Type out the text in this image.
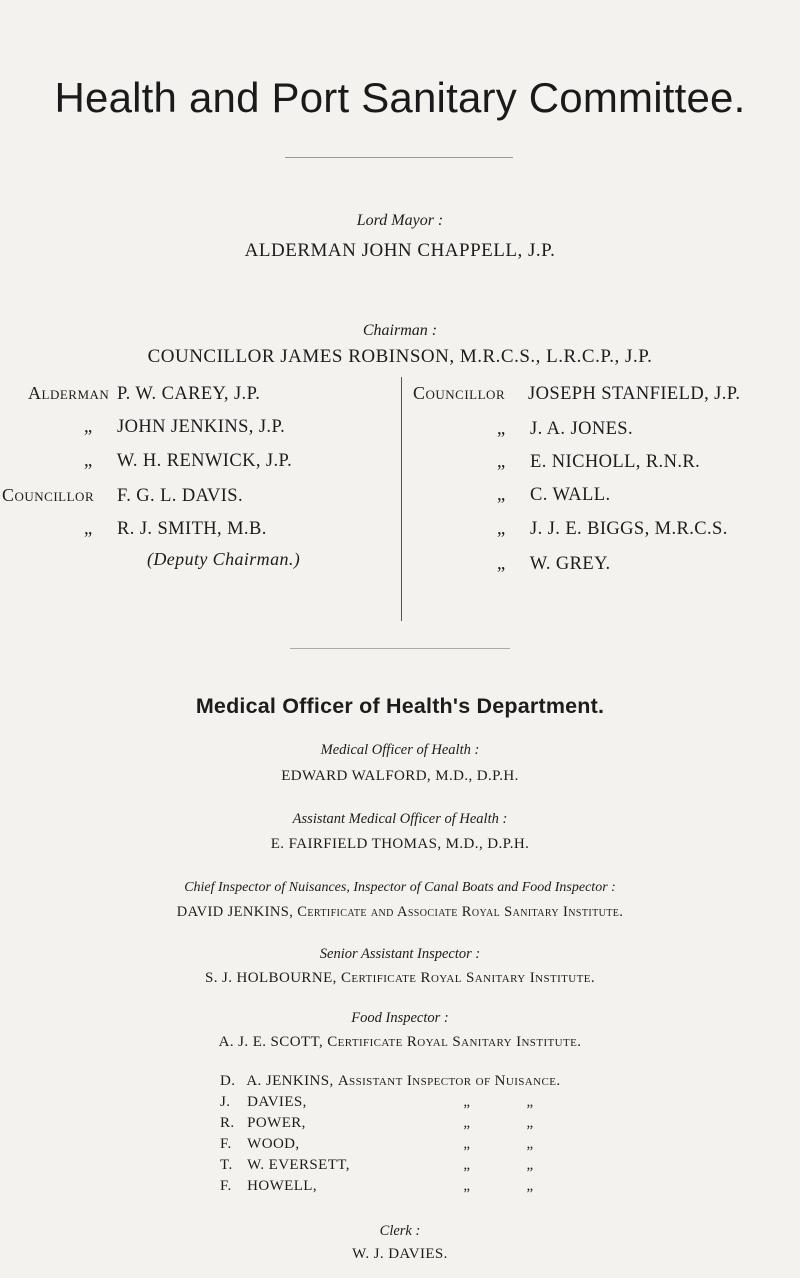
Health and Port Sanitary Committee.
Lord Mayor :
ALDERMAN JOHN CHAPPELL, J.P.
Chairman :
COUNCILLOR JAMES ROBINSON, M.R.C.S., L.R.C.P., J.P.
Alderman P. W. CAREY, J.P.
„ JOHN JENKINS, J.P.
„ W. H. RENWICK, J.P.
Councillor F. G. L. DAVIS.
„ R. J. SMITH, M.B.
(Deputy Chairman.)
Councillor JOSEPH STANFIELD, J.P.
„ J. A. JONES.
„ E. NICHOLL, R.N.R.
„ C. WALL.
„ J. J. E. BIGGS, M.R.C.S.
„ W. GREY.
Medical Officer of Health's Department.
Medical Officer of Health :
EDWARD WALFORD, M.D., D.P.H.
Assistant Medical Officer of Health :
E. FAIRFIELD THOMAS, M.D., D.P.H.
Chief Inspector of Nuisances, Inspector of Canal Boats and Food Inspector :
DAVID JENKINS, Certificate and Associate Royal Sanitary Institute.
Senior Assistant Inspector :
S. J. HOLBOURNE, Certificate Royal Sanitary Institute.
Food Inspector :
A. J. E. SCOTT, Certificate Royal Sanitary Institute.
D. A. JENKINS, Assistant Inspector of Nuisance.
J. DAVIES,	„ „
R. POWER,	„ „
F. WOOD,	„ „
T. W. EVERSETT,	„ „
F. HOWELL,	„ „
Clerk :
W. J. DAVIES.
